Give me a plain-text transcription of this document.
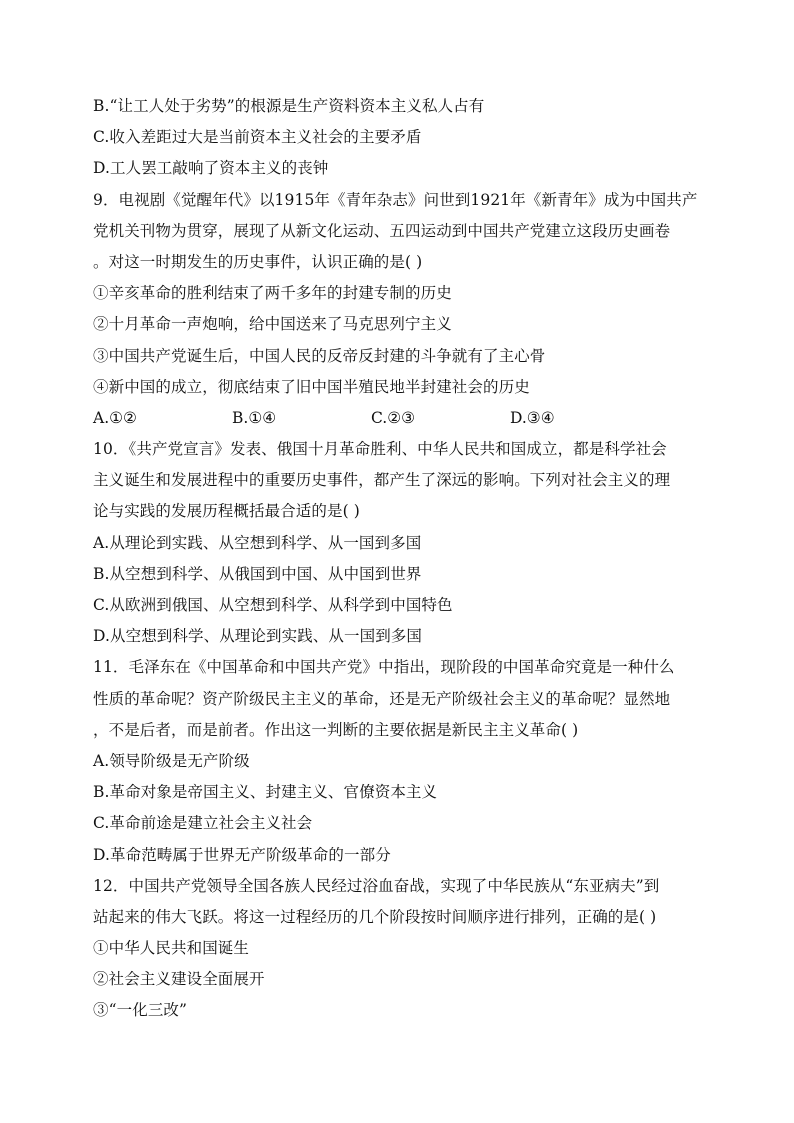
B.“让工人处于劣势”的根源是生产资料资本主义私人占有
C.收入差距过大是当前资本主义社会的主要矛盾
D.工人罢工敲响了资本主义的丧钟
9．电视剧《觉醒年代》以1915年《青年杂志》问世到1921年《新青年》成为中国共产
党机关刊物为贯穿，展现了从新文化运动、五四运动到中国共产党建立这段历史画卷
。对这一时期发生的历史事件，认识正确的是( )
①辛亥革命的胜利结束了两千多年的封建专制的历史
②十月革命一声炮响，给中国送来了马克思列宁主义
③中国共产党诞生后，中国人民的反帝反封建的斗争就有了主心骨
④新中国的成立，彻底结束了旧中国半殖民地半封建社会的历史
A.①②	B.①④	C.②③	D.③④
10．《共产党宣言》发表、俄国十月革命胜利、中华人民共和国成立，都是科学社会
主义诞生和发展进程中的重要历史事件，都产生了深远的影响。下列对社会主义的理
论与实践的发展历程概括最合适的是( )
A.从理论到实践、从空想到科学、从一国到多国
B.从空想到科学、从俄国到中国、从中国到世界
C.从欧洲到俄国、从空想到科学、从科学到中国特色
D.从空想到科学、从理论到实践、从一国到多国
11．毛泽东在《中国革命和中国共产党》中指出，现阶段的中国革命究竟是一种什么
性质的革命呢？资产阶级民主主义的革命，还是无产阶级社会主义的革命呢？显然地
，不是后者，而是前者。作出这一判断的主要依据是新民主主义革命( )
A.领导阶级是无产阶级
B.革命对象是帝国主义、封建主义、官僚资本主义
C.革命前途是建立社会主义社会
D.革命范畴属于世界无产阶级革命的一部分
12．中国共产党领导全国各族人民经过浴血奋战，实现了中华民族从“东亚病夫”到
站起来的伟大飞跃。将这一过程经历的几个阶段按时间顺序进行排列，正确的是( )
①中华人民共和国诞生
②社会主义建设全面展开
③“一化三改”
